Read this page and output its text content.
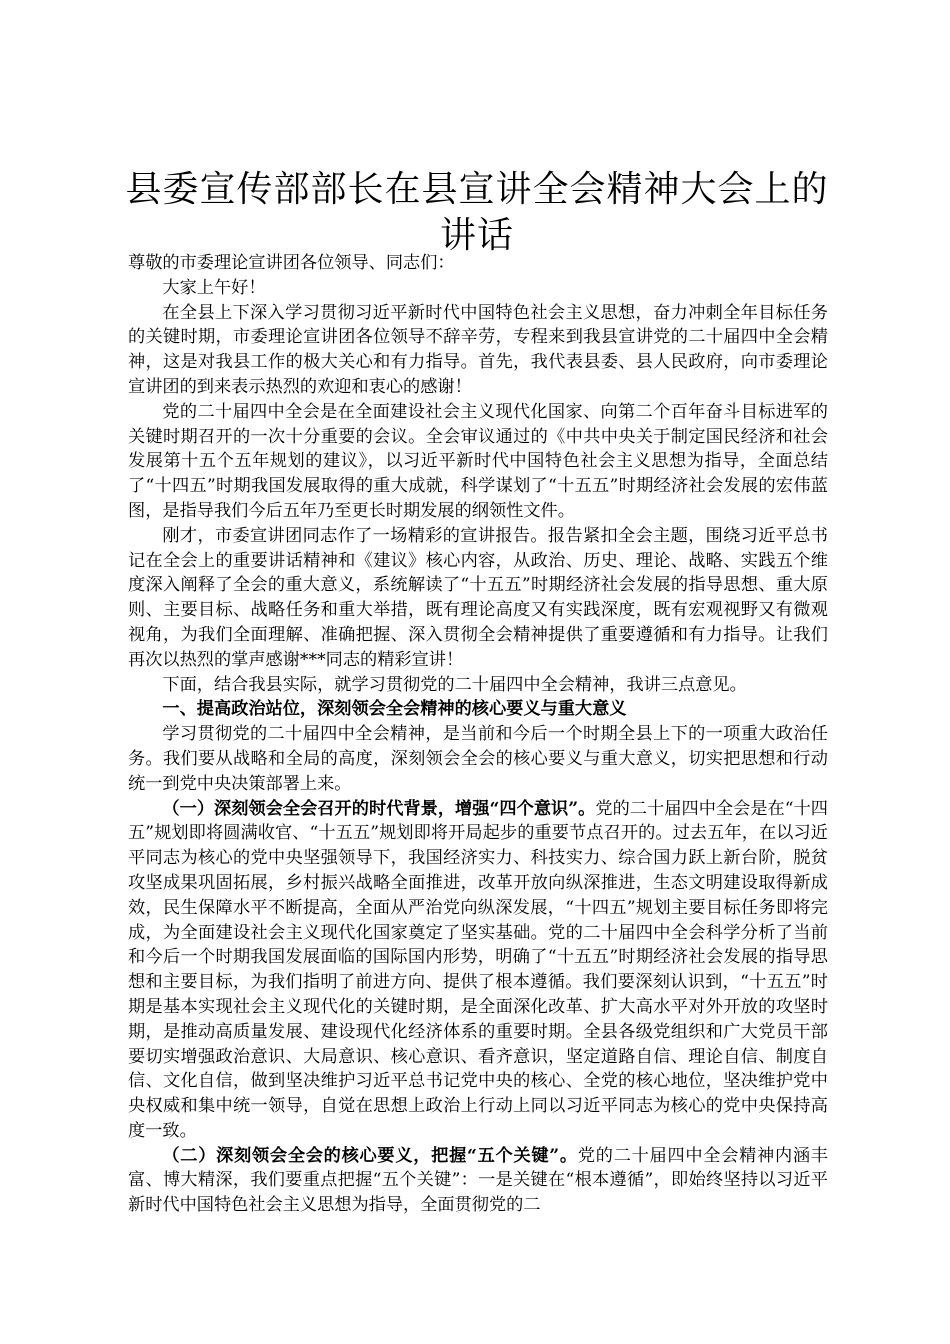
县委宣传部部长在县宣讲全会精神大会上的讲话

尊敬的市委理论宣讲团各位领导、同志们：

大家上午好！

在全县上下深入学习贯彻习近平新时代中国特色社会主义思想，奋力冲刺全年目标任务的关键时期，市委理论宣讲团各位领导不辞辛劳，专程来到我县宣讲党的二十届四中全会精神，这是对我县工作的极大关心和有力指导。首先，我代表县委、县人民政府，向市委理论宣讲团的到来表示热烈的欢迎和衷心的感谢！

党的二十届四中全会是在全面建设社会主义现代化国家、向第二个百年奋斗目标进军的关键时期召开的一次十分重要的会议。全会审议通过的《中共中央关于制定国民经济和社会发展第十五个五年规划的建议》，以习近平新时代中国特色社会主义思想为指导，全面总结了“十四五”时期我国发展取得的重大成就，科学谋划了“十五五”时期经济社会发展的宏伟蓝图，是指导我们今后五年乃至更长时期发展的纲领性文件。

刚才，市委宣讲团同志作了一场精彩的宣讲报告。报告紧扣全会主题，围绕习近平总书记在全会上的重要讲话精神和《建议》核心内容，从政治、历史、理论、战略、实践五个维度深入阐释了全会的重大意义，系统解读了“十五五”时期经济社会发展的指导思想、重大原则、主要目标、战略任务和重大举措，既有理论高度又有实践深度，既有宏观视野又有微观视角，为我们全面理解、准确把握、深入贯彻全会精神提供了重要遵循和有力指导。让我们再次以热烈的掌声感谢***同志的精彩宣讲！

下面，结合我县实际，就学习贯彻党的二十届四中全会精神，我讲三点意见。

一、提高政治站位，深刻领会全会精神的核心要义与重大意义

学习贯彻党的二十届四中全会精神，是当前和今后一个时期全县上下的一项重大政治任务。我们要从战略和全局的高度，深刻领会全会的核心要义与重大意义，切实把思想和行动统一到党中央决策部署上来。

（一）深刻领会全会召开的时代背景，增强“四个意识”。党的二十届四中全会是在“十四五”规划即将圆满收官、“十五五”规划即将开局起步的重要节点召开的。过去五年，在以习近平同志为核心的党中央坚强领导下，我国经济实力、科技实力、综合国力跃上新台阶，脱贫攻坚成果巩固拓展，乡村振兴战略全面推进，改革开放向纵深推进，生态文明建设取得新成效，民生保障水平不断提高，全面从严治党向纵深发展，“十四五”规划主要目标任务即将完成，为全面建设社会主义现代化国家奠定了坚实基础。党的二十届四中全会科学分析了当前和今后一个时期我国发展面临的国际国内形势，明确了“十五五”时期经济社会发展的指导思想和主要目标，为我们指明了前进方向、提供了根本遵循。我们要深刻认识到，“十五五”时期是基本实现社会主义现代化的关键时期，是全面深化改革、扩大高水平对外开放的攻坚时期，是推动高质量发展、建设现代化经济体系的重要时期。全县各级党组织和广大党员干部要切实增强政治意识、大局意识、核心意识、看齐意识，坚定道路自信、理论自信、制度自信、文化自信，做到坚决维护习近平总书记党中央的核心、全党的核心地位，坚决维护党中央权威和集中统一领导，自觉在思想上政治上行动上同以习近平同志为核心的党中央保持高度一致。

（二）深刻领会全会的核心要义，把握“五个关键”。党的二十届四中全会精神内涵丰富、博大精深，我们要重点把握“五个关键”：一是关键在“根本遵循”，即始终坚持以习近平新时代中国特色社会主义思想为指导，全面贯彻党的二
